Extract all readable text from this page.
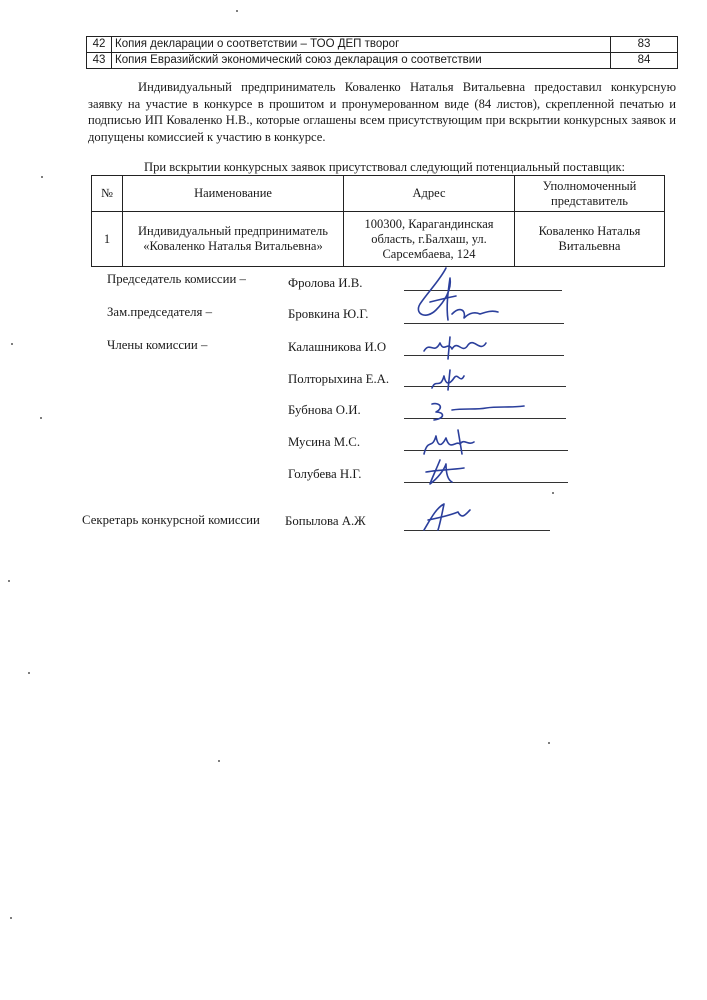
42	Копия декларации о соответствии – ТОО ДЕП творог	83
43	Копия Евразийский экономический союз декларация о соответствии	84
Индивидуальный предприниматель Коваленко Наталья Витальевна предоставил конкурсную заявку на участие в конкурсе в прошитом и пронумерованном виде (84 листов), скрепленной печатью и подписью ИП Коваленко Н.В., которые оглашены всем присутствующим при вскрытии конкурсных заявок и допущены комиссией к участию в конкурсе.
При вскрытии конкурсных заявок присутствовал следующий потенциальный поставщик:
№	Наименование	Адрес	Уполномоченный представитель
1	Индивидуальный предприниматель «Коваленко Наталья Витальевна»	100300, Карагандинская область, г.Балхаш, ул. Сарсембаева, 124	Коваленко Наталья Витальевна
Председатель комиссии –	Фролова И.В.
Зам.председателя –	Бровкина Ю.Г.
Члены комиссии –	Калашникова И.О
Полторыхина Е.А.
Бубнова О.И.
Мусина М.С.
Голубева Н.Г.
Секретарь конкурсной комиссии Бопылова А.Ж
